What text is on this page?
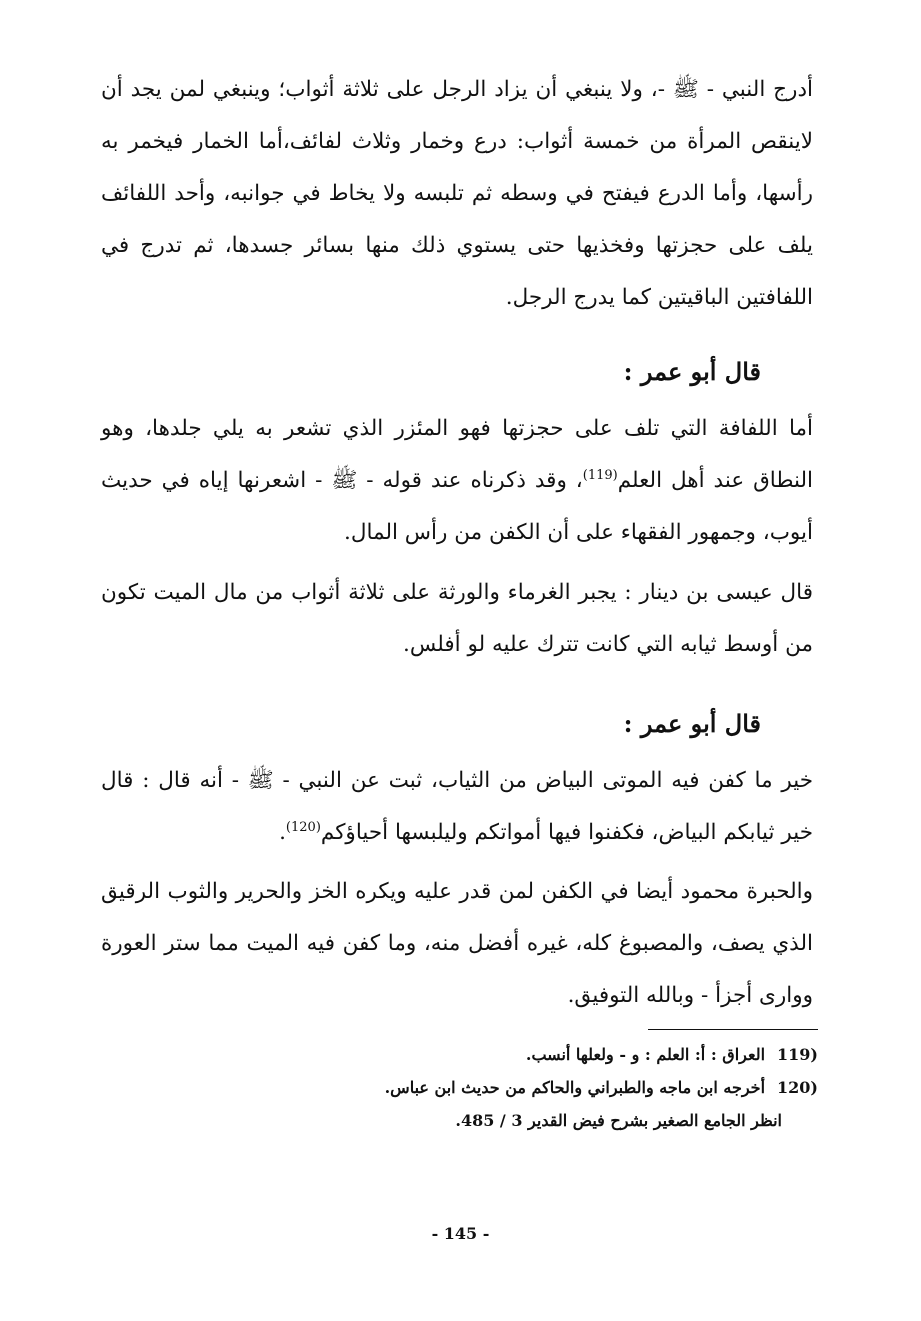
أدرج النبي - ﷺ -، ولا ينبغي أن يزاد الرجل على ثلاثة أثواب؛ وينبغي لمن يجد أن لاينقص المرأة من خمسة أثواب: درع وخمار وثلاث لفائف،أما الخمار فيخمر به رأسها، وأما الدرع فيفتح في وسطه ثم تلبسه ولا يخاط في جوانبه، وأحد اللفائف يلف على حجزتها وفخذيها حتى يستوي ذلك منها بسائر جسدها، ثم تدرج في اللفافتين الباقيتين كما يدرج الرجل.

قال أبو عمر :

أما اللفافة التي تلف على حجزتها فهو المئزر الذي تشعر به يلي جلدها، وهو النطاق عند أهل العلم$^{(119)}$، وقد ذكرناه عند قوله - ﷺ - اشعرنها إياه في حديث أيوب، وجمهور الفقهاء على أن الكفن من رأس المال.

قال عيسى بن دينار : يجبر الغرماء والورثة على ثلاثة أثواب من مال الميت تكون من أوسط ثيابه التي كانت تترك عليه لو أفلس.

قال أبو عمر :

خير ما كفن فيه الموتى البياض من الثياب، ثبت عن النبي - ﷺ - أنه قال : قال خير ثيابكم البياض، فكفنوا فيها أمواتكم وليلبسها أحياؤكم$^{(120)}$.

والحبرة محمود أيضا في الكفن لمن قدر عليه ويكره الخز والحرير والثوب الرقيق الذي يصف، والمصبوغ كله، غيره أفضل منه، وما كفن فيه الميت مما ستر العورة ووارى أجزأ - وبالله التوفيق.

(119العراق : أ: العلم : و - ولعلها أنسب.
(120أخرجه ابن ماجه والطبراني والحاكم من حديث ابن عباس.
انظر الجامع الصغير بشرح فيض القدير 3 / 485.
- 145 -
